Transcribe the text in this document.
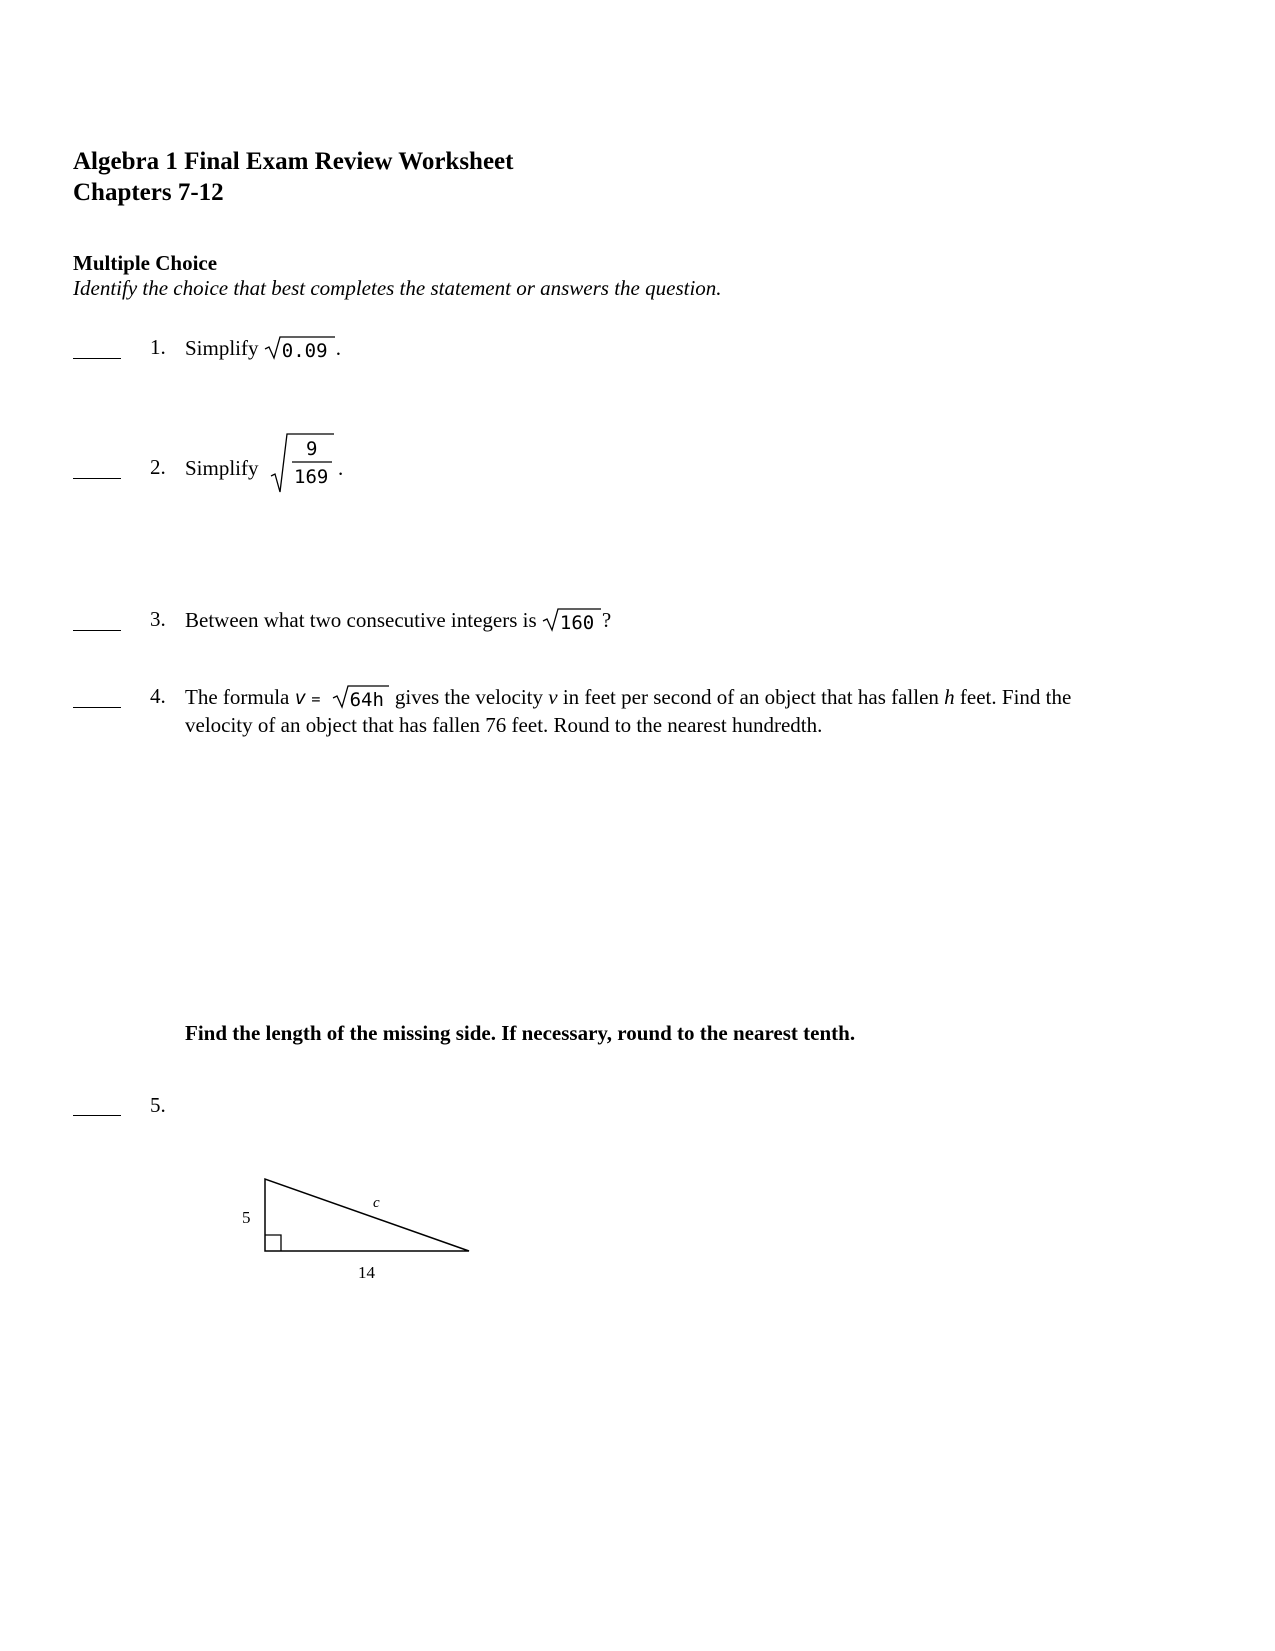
Algebra 1 Final Exam Review Worksheet
Chapters 7-12
Multiple Choice
Identify the choice that best completes the statement or answers the question.
1. Simplify 0.09 .
2. Simplify
9
169 .
3. Between what two consecutive integers is 160 ?
4. The formula v = 64h gives the velocity v in feet per second of an object that has fallen h feet. Find the
velocity of an object that has fallen 76 feet. Round to the nearest hundredth.
Find the length of the missing side. If necessary, round to the nearest tenth.
5.
5
14
c
